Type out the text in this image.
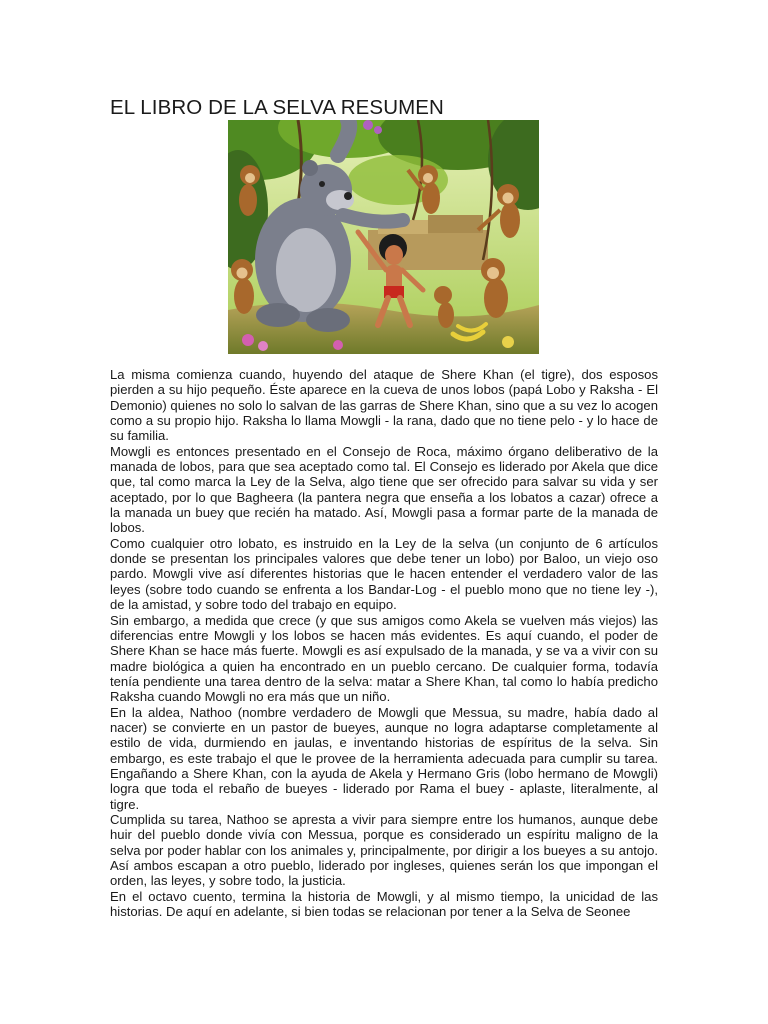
EL LIBRO DE LA SELVA RESUMEN

La misma comienza cuando, huyendo del ataque de Shere Khan (el tigre), dos esposos pierden a su hijo pequeño. Éste aparece en la cueva de unos lobos (papá Lobo y Raksha - El Demonio) quienes no solo lo salvan de las garras de Shere Khan, sino que a su vez lo acogen como a su propio hijo. Raksha lo llama Mowgli - la rana, dado que no tiene pelo - y lo hace de su familia.

Mowgli es entonces presentado en el Consejo de Roca, máximo órgano deliberativo de la manada de lobos, para que sea aceptado como tal. El Consejo es liderado por Akela que dice que, tal como marca la Ley de la Selva, algo tiene que ser ofrecido para salvar su vida y ser aceptado, por lo que Bagheera (la pantera negra que enseña a los lobatos a cazar) ofrece a la manada un buey que recién ha matado. Así, Mowgli pasa a formar parte de la manada de lobos.

Como cualquier otro lobato, es instruido en la Ley de la selva (un conjunto de 6 artículos donde se presentan los principales valores que debe tener un lobo) por Baloo, un viejo oso pardo. Mowgli vive así diferentes historias que le hacen entender el verdadero valor de las leyes (sobre todo cuando se enfrenta a los Bandar-Log - el pueblo mono que no tiene ley -), de la amistad, y sobre todo del trabajo en equipo.

Sin embargo, a medida que crece (y que sus amigos como Akela se vuelven más viejos) las diferencias entre Mowgli y los lobos se hacen más evidentes. Es aquí cuando, el poder de Shere Khan se hace más fuerte. Mowgli es así expulsado de la manada, y se va a vivir con su madre biológica a quien ha encontrado en un pueblo cercano. De cualquier forma, todavía tenía pendiente una tarea dentro de la selva: matar a Shere Khan, tal como lo había predicho Raksha cuando Mowgli no era más que un niño.

En la aldea, Nathoo (nombre verdadero de Mowgli que Messua, su madre, había dado al nacer) se convierte en un pastor de bueyes, aunque no logra adaptarse completamente al estilo de vida, durmiendo en jaulas, e inventando historias de espíritus de la selva. Sin embargo, es este trabajo el que le provee de la herramienta adecuada para cumplir su tarea. Engañando a Shere Khan, con la ayuda de Akela y Hermano Gris (lobo hermano de Mowgli) logra que toda el rebaño de bueyes - liderado por Rama el buey - aplaste, literalmente, al tigre.

Cumplida su tarea, Nathoo se apresta a vivir para siempre entre los humanos, aunque debe huir del pueblo donde vivía con Messua, porque es considerado un espíritu maligno de la selva por poder hablar con los animales y, principalmente, por dirigir a los bueyes a su antojo. Así ambos escapan a otro pueblo, liderado por ingleses, quienes serán los que impongan el orden, las leyes, y sobre todo, la justicia.

En el octavo cuento, termina la historia de Mowgli, y al mismo tiempo, la unicidad de las historias. De aquí en adelante, si bien todas se relacionan por tener a la Selva de Seonee
